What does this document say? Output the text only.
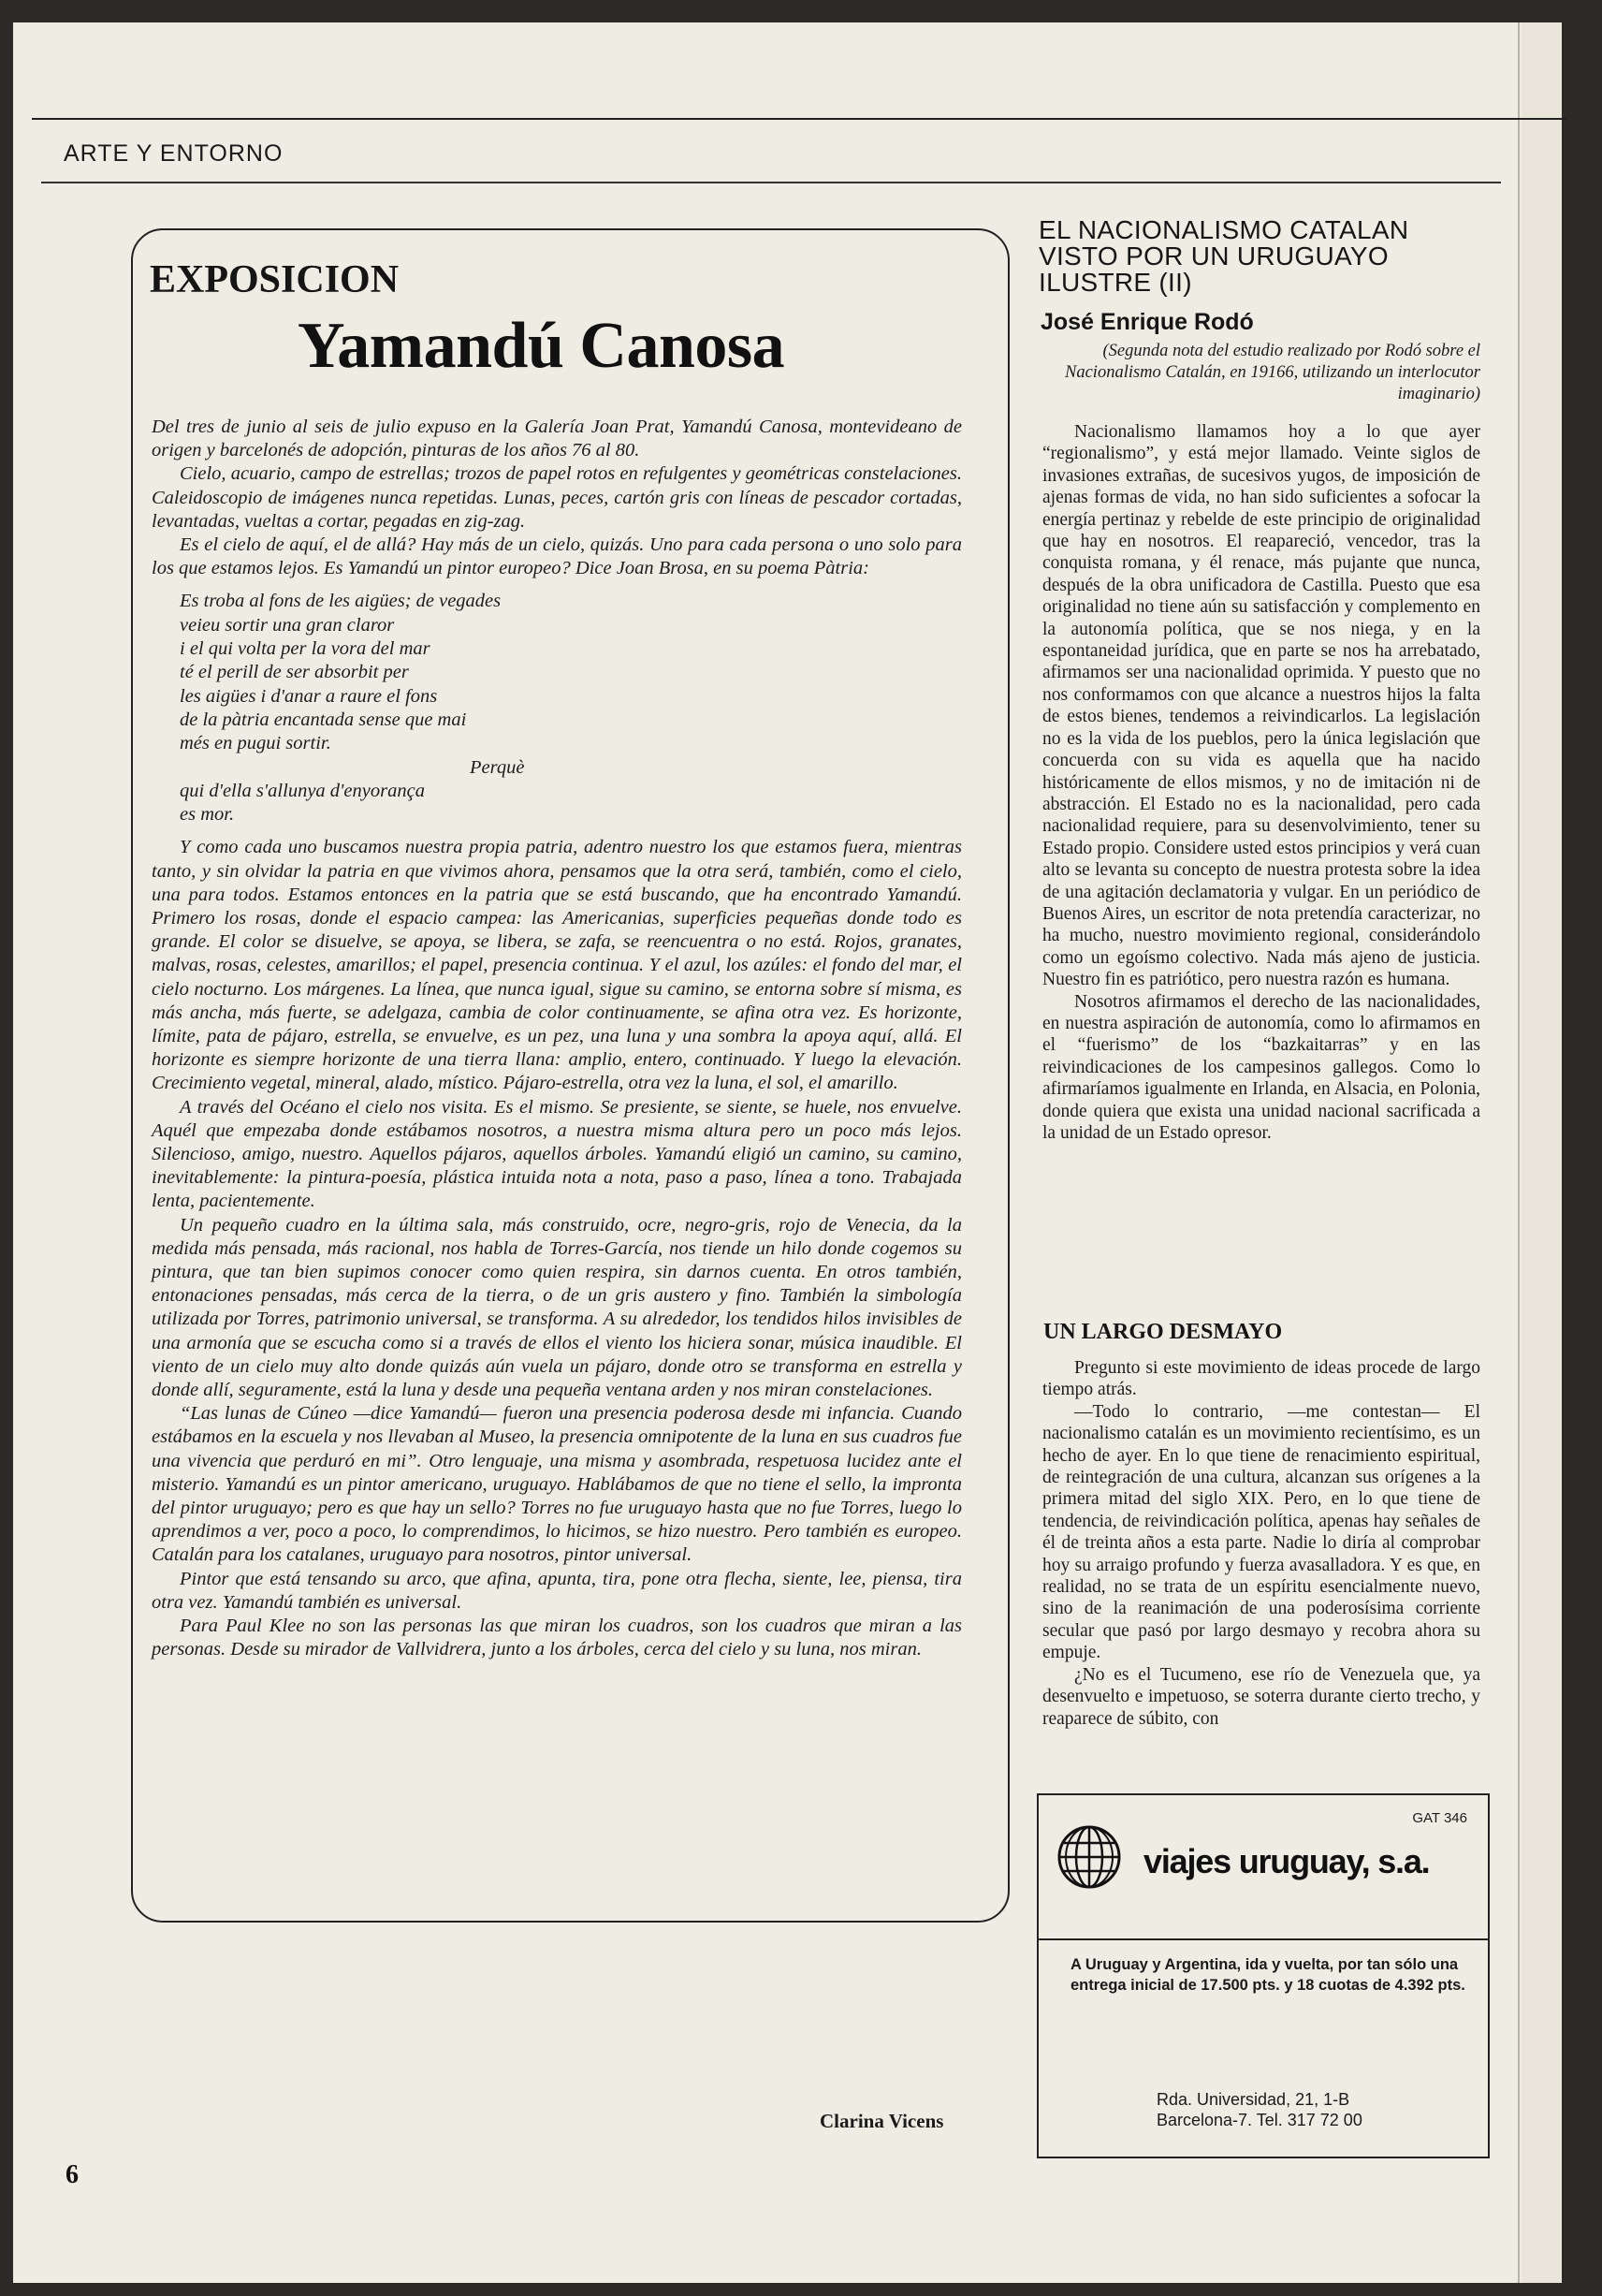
ARTE Y ENTORNO
EXPOSICION
Yamandú Canosa

Del tres de junio al seis de julio expuso en la Galería Joan Prat, Yamandú Canosa, montevideano de origen y barcelonés de adopción, pinturas de los años 76 al 80.

Cielo, acuario, campo de estrellas; trozos de papel rotos en refulgentes y geométricas constelaciones. Caleidoscopio de imágenes nunca repetidas. Lunas, peces, cartón gris con líneas de pescador cortadas, levantadas, vueltas a cortar, pegadas en zig-zag.

Es el cielo de aquí, el de allá? Hay más de un cielo, quizás. Uno para cada persona o uno solo para los que estamos lejos. Es Yamandú un pintor europeo? Dice Joan Brosa, en su poema Pàtria:

Es troba al fons de les aigües; de vegades
veieu sortir una gran claror
i el qui volta per la vora del mar
té el perill de ser absorbit per
les aigües i d'anar a raure el fons
de la pàtria encantada sense que mai
més en pugui sortir.
Perquè
qui d'ella s'allunya d'enyorança
es mor.

Y como cada uno buscamos nuestra propia patria, adentro nuestro los que estamos fuera, mientras tanto, y sin olvidar la patria en que vivimos ahora, pensamos que la otra será, también, como el cielo, una para todos. Estamos entonces en la patria que se está buscando, que ha encontrado Yamandú. Primero los rosas, donde el espacio campea: las Americanias, superficies pequeñas donde todo es grande. El color se disuelve, se apoya, se libera, se zafa, se reencuentra o no está. Rojos, granates, malvas, rosas, celestes, amarillos; el papel, presencia continua. Y el azul, los azúles: el fondo del mar, el cielo nocturno. Los márgenes. La línea, que nunca igual, sigue su camino, se entorna sobre sí misma, es más ancha, más fuerte, se adelgaza, cambia de color continuamente, se afina otra vez. Es horizonte, límite, pata de pájaro, estrella, se envuelve, es un pez, una luna y una sombra la apoya aquí, allá. El horizonte es siempre horizonte de una tierra llana: amplio, entero, continuado. Y luego la elevación. Crecimiento vegetal, mineral, alado, místico. Pájaro-estrella, otra vez la luna, el sol, el amarillo.

A través del Océano el cielo nos visita. Es el mismo. Se presiente, se siente, se huele, nos envuelve. Aquél que empezaba donde estábamos nosotros, a nuestra misma altura pero un poco más lejos. Silencioso, amigo, nuestro. Aquellos pájaros, aquellos árboles. Yamandú eligió un camino, su camino, inevitablemente: la pintura-poesía, plástica intuida nota a nota, paso a paso, línea a tono. Trabajada lenta, pacientemente.

Un pequeño cuadro en la última sala, más construido, ocre, negro-gris, rojo de Venecia, da la medida más pensada, más racional, nos habla de Torres-García, nos tiende un hilo donde cogemos su pintura, que tan bien supimos conocer como quien respira, sin darnos cuenta. En otros también, entonaciones pensadas, más cerca de la tierra, o de un gris austero y fino. También la simbología utilizada por Torres, patrimonio universal, se transforma. A su alrededor, los tendidos hilos invisibles de una armonía que se escucha como si a través de ellos el viento los hiciera sonar, música inaudible. El viento de un cielo muy alto donde quizás aún vuela un pájaro, donde otro se transforma en estrella y donde allí, seguramente, está la luna y desde una pequeña ventana arden y nos miran constelaciones.

“Las lunas de Cúneo —dice Yamandú— fueron una presencia poderosa desde mi infancia. Cuando estábamos en la escuela y nos llevaban al Museo, la presencia omnipotente de la luna en sus cuadros fue una vivencia que perduró en mi”. Otro lenguaje, una misma y asombrada, respetuosa lucidez ante el misterio. Yamandú es un pintor americano, uruguayo. Hablábamos de que no tiene el sello, la impronta del pintor uruguayo; pero es que hay un sello? Torres no fue uruguayo hasta que no fue Torres, luego lo aprendimos a ver, poco a poco, lo comprendimos, lo hicimos, se hizo nuestro. Pero también es europeo. Catalán para los catalanes, uruguayo para nosotros, pintor universal.

Pintor que está tensando su arco, que afina, apunta, tira, pone otra flecha, siente, lee, piensa, tira otra vez. Yamandú también es universal.

Para Paul Klee no son las personas las que miran los cuadros, son los cuadros que miran a las personas. Desde su mirador de Vallvidrera, junto a los árboles, cerca del cielo y su luna, nos miran.

Clarina Vicens
6
EL NACIONALISMO CATALAN VISTO POR UN URUGUAYO ILUSTRE (II)
José Enrique Rodó
(Segunda nota del estudio realizado por Rodó sobre el Nacionalismo Catalán, en 19166, utilizando un interlocutor imaginario)

Nacionalismo llamamos hoy a lo que ayer “regionalismo”, y está mejor llamado. Veinte siglos de invasiones extrañas, de sucesivos yugos, de imposición de ajenas formas de vida, no han sido suficientes a sofocar la energía pertinaz y rebelde de este principio de originalidad que hay en nosotros. El reapareció, vencedor, tras la conquista romana, y él renace, más pujante que nunca, después de la obra unificadora de Castilla. Puesto que esa originalidad no tiene aún su satisfacción y complemento en la autonomía política, que se nos niega, y en la espontaneidad jurídica, que en parte se nos ha arrebatado, afirmamos ser una nacionalidad oprimida. Y puesto que no nos conformamos con que alcance a nuestros hijos la falta de estos bienes, tendemos a reivindicarlos. La legislación no es la vida de los pueblos, pero la única legislación que concuerda con su vida es aquella que ha nacido históricamente de ellos mismos, y no de imitación ni de abstracción. El Estado no es la nacionalidad, pero cada nacionalidad requiere, para su desenvolvimiento, tener su Estado propio. Considere usted estos principios y verá cuan alto se levanta su concepto de nuestra protesta sobre la idea de una agitación declamatoria y vulgar. En un periódico de Buenos Aires, un escritor de nota pretendía caracterizar, no ha mucho, nuestro movimiento regional, considerándolo como un egoísmo colectivo. Nada más ajeno de justicia. Nuestro fin es patriótico, pero nuestra razón es humana.

Nosotros afirmamos el derecho de las nacionalidades, en nuestra aspiración de autonomía, como lo afirmamos en el “fuerismo” de los “bazkaitarras” y en las reivindicaciones de los campesinos gallegos. Como lo afirmaríamos igualmente en Irlanda, en Alsacia, en Polonia, donde quiera que exista una unidad nacional sacrificada a la unidad de un Estado opresor.

UN LARGO DESMAYO

Pregunto si este movimiento de ideas procede de largo tiempo atrás.

—Todo lo contrario, —me contestan— El nacionalismo catalán es un movimiento recientísimo, es un hecho de ayer. En lo que tiene de renacimiento espiritual, de reintegración de una cultura, alcanzan sus orígenes a la primera mitad del siglo XIX. Pero, en lo que tiene de tendencia, de reivindicación política, apenas hay señales de él de treinta años a esta parte. Nadie lo diría al comprobar hoy su arraigo profundo y fuerza avasalladora. Y es que, en realidad, no se trata de un espíritu esencialmente nuevo, sino de la reanimación de una poderosísima corriente secular que pasó por largo desmayo y recobra ahora su empuje.

¿No es el Tucumeno, ese río de Venezuela que, ya desenvuelto e impetuoso, se soterra durante cierto trecho, y reaparece de súbito, con

GAT 346
viajes uruguay, s.a.
A Uruguay y Argentina, ida y vuelta, por tan sólo una entrega inicial de 17.500 pts. y 18 cuotas de 4.392 pts.
Rda. Universidad, 21, 1-B
Barcelona-7. Tel. 317 72 00
